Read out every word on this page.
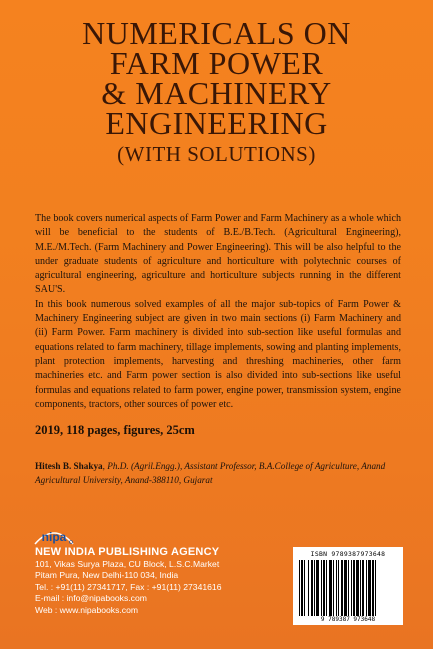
NUMERICALS ON
FARM POWER
& MACHINERY
ENGINEERING
(WITH SOLUTIONS)

The book covers numerical aspects of Farm Power and Farm Machinery as a whole which will be beneficial to the students of B.E./B.Tech. (Agricultural Engineering), M.E./M.Tech. (Farm Machinery and Power Engineering). This will be also helpful to the under graduate students of agriculture and horticulture with polytechnic courses of agricultural engineering, agriculture and horticulture subjects running in the different SAU'S.

In this book numerous solved examples of all the major sub-topics of Farm Power & Machinery Engineering subject are given in two main sections (i) Farm Machinery and (ii) Farm Power. Farm machinery is divided into sub-section like useful formulas and equations related to farm machinery, tillage implements, sowing and planting implements, plant protection implements, harvesting and threshing machineries, other farm machineries etc. and Farm power section is also divided into sub-sections like useful formulas and equations related to farm power, engine power, transmission system, engine components, tractors, other sources of power etc.

2019, 118 pages, figures, 25cm
Hitesh B. Shakya, Ph.D. (Agril.Engg.), Assistant Professor, B.A.College of Agriculture, Anand Agricultural University, Anand-388110, Gujarat
nipa
NEW INDIA PUBLISHING AGENCY
101, Vikas Surya Plaza, CU Block, L.S.C.Market
Pitam Pura, New Delhi-110 034, India
Tel. : +91(11) 27341717, Fax : +91(11) 27341616
E-mail : info@nipabooks.com
Web : www.nipabooks.com
ISBN 9789387973648
9 789387 973648
